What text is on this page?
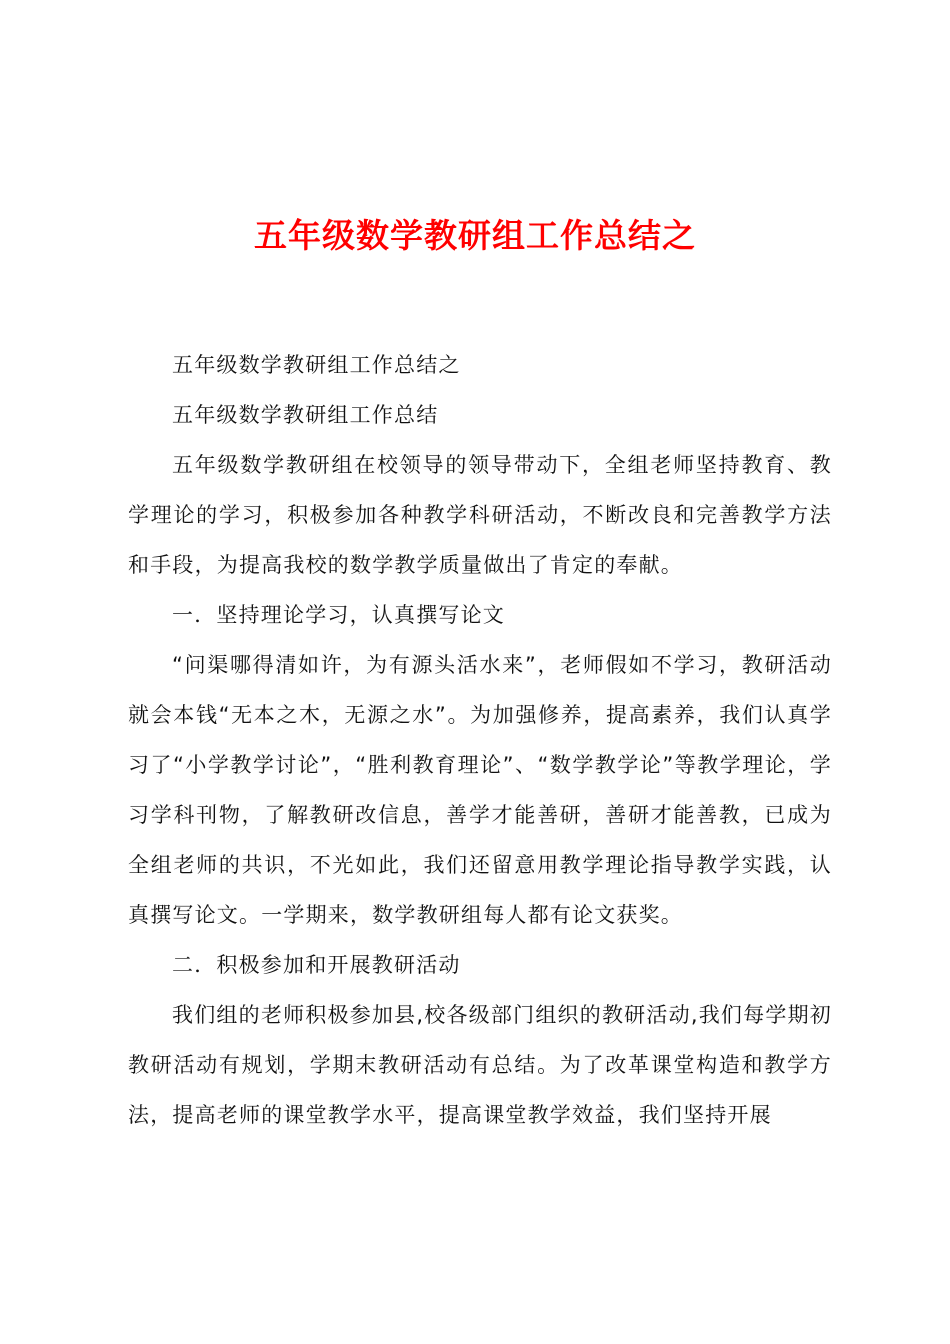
五年级数学教研组工作总结之

五年级数学教研组工作总结之

五年级数学教研组工作总结

五年级数学教研组在校领导的领导带动下，全组老师坚持教育、教学理论的学习，积极参加各种教学科研活动，不断改良和完善教学方法和手段，为提高我校的数学教学质量做出了肯定的奉献。

一．坚持理论学习，认真撰写论文

“问渠哪得清如许，为有源头活水来”，老师假如不学习，教研活动就会本钱“无本之木，无源之水”。为加强修养，提高素养，我们认真学习了“小学教学讨论”，“胜利教育理论”、“数学教学论”等教学理论，学习学科刊物，了解教研改信息，善学才能善研，善研才能善教，已成为全组老师的共识，不光如此，我们还留意用教学理论指导教学实践，认真撰写论文。一学期来，数学教研组每人都有论文获奖。

二．积极参加和开展教研活动

我们组的老师积极参加县,校各级部门组织的教研活动,我们每学期初教研活动有规划，学期末教研活动有总结。为了改革课堂构造和教学方法，提高老师的课堂教学水平，提高课堂教学效益，我们坚持开展
